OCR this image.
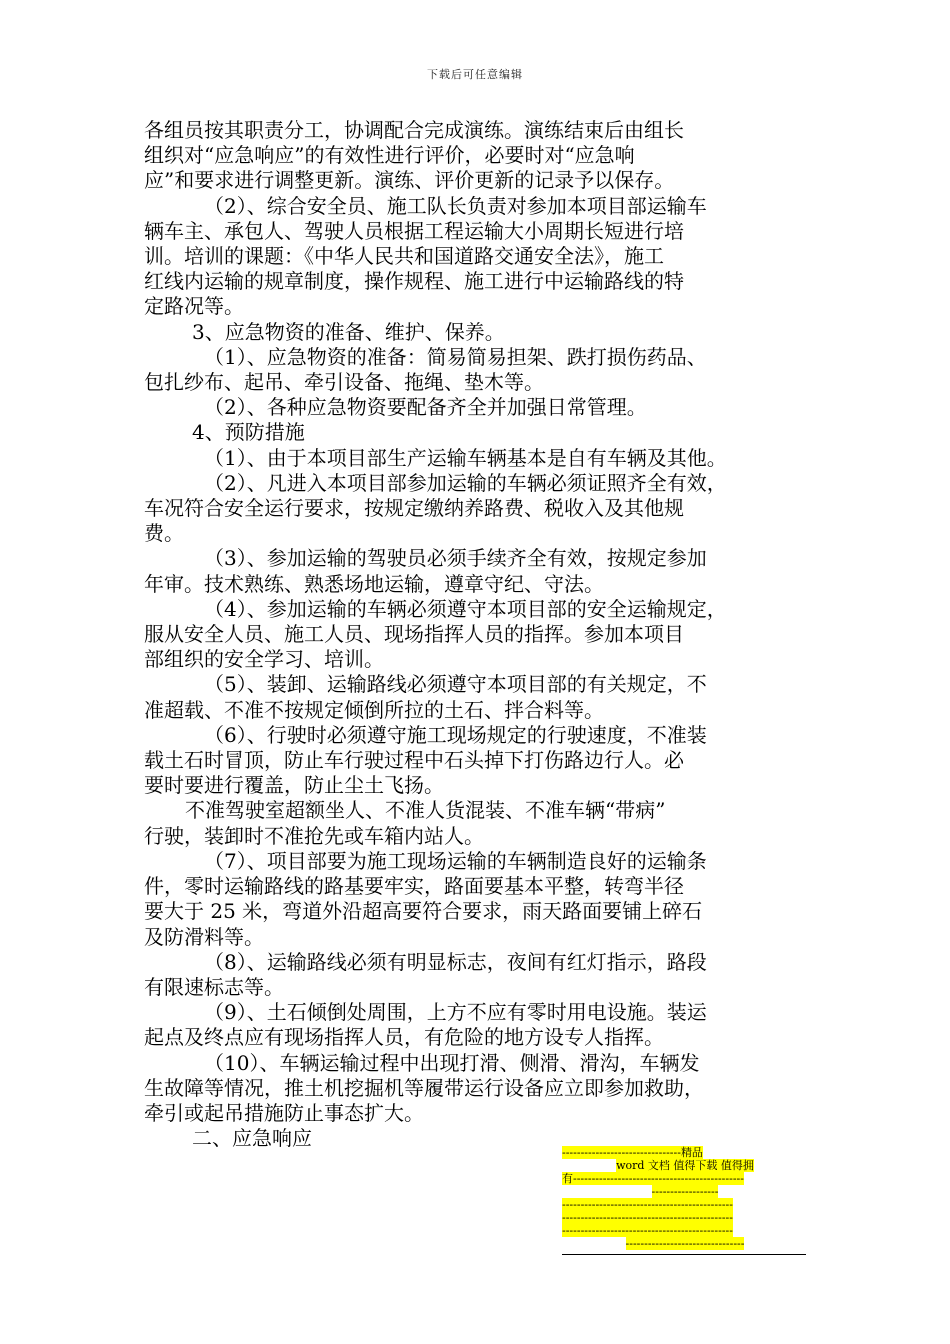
下载后可任意编辑
各组员按其职责分工，协调配合完成演练。演练结束后由组长
组织对“应急响应”的有效性进行评价，必要时对“应急响
应”和要求进行调整更新。演练、评价更新的记录予以保存。
（2）、综合安全员、施工队长负责对参加本项目部运输车
辆车主、承包人、驾驶人员根据工程运输大小周期长短进行培
训。培训的课题：《中华人民共和国道路交通安全法》，施工
红线内运输的规章制度，操作规程、施工进行中运输路线的特
定路况等。
3、应急物资的准备、维护、保养。
（1）、应急物资的准备：简易简易担架、跌打损伤药品、
包扎纱布、起吊、牵引设备、拖绳、垫木等。
（2）、各种应急物资要配备齐全并加强日常管理。
4、预防措施
（1）、由于本项目部生产运输车辆基本是自有车辆及其他。
（2）、凡进入本项目部参加运输的车辆必须证照齐全有效，
车况符合安全运行要求，按规定缴纳养路费、税收入及其他规
费。
（3）、参加运输的驾驶员必须手续齐全有效，按规定参加
年审。技术熟练、熟悉场地运输，遵章守纪、守法。
（4）、参加运输的车辆必须遵守本项目部的安全运输规定，
服从安全人员、施工人员、现场指挥人员的指挥。参加本项目
部组织的安全学习、培训。
（5）、装卸、运输路线必须遵守本项目部的有关规定，不
准超载、不准不按规定倾倒所拉的土石、拌合料等。
（6）、行驶时必须遵守施工现场规定的行驶速度，不准装
载土石时冒顶，防止车行驶过程中石头掉下打伤路边行人。必
要时要进行覆盖，防止尘土飞扬。
不准驾驶室超额坐人、不准人货混装、不准车辆“带病”
行驶，装卸时不准抢先或车箱内站人。
（7）、项目部要为施工现场运输的车辆制造良好的运输条
件，零时运输路线的路基要牢实，路面要基本平整，转弯半径
要大于 25 米，弯道外沿超高要符合要求，雨天路面要铺上碎石
及防滑料等。
（8）、运输路线必须有明显标志，夜间有红灯指示，路段
有限速标志等。
（9）、土石倾倒处周围，上方不应有零时用电设施。装运
起点及终点应有现场指挥人员，有危险的地方设专人指挥。
（10）、车辆运输过程中出现打滑、侧滑、滑沟，车辆发
生故障等情况，推土机挖掘机等履带运行设备应立即参加救助，
牵引或起吊措施防止事态扩大。
二、应急响应
--------------------------------精品
word 文档 值得下载 值得拥
有----------------------------------------------
------------------
----------------------------------------------
----------------------------------------------
----------------------------------------------
--------------------------------
